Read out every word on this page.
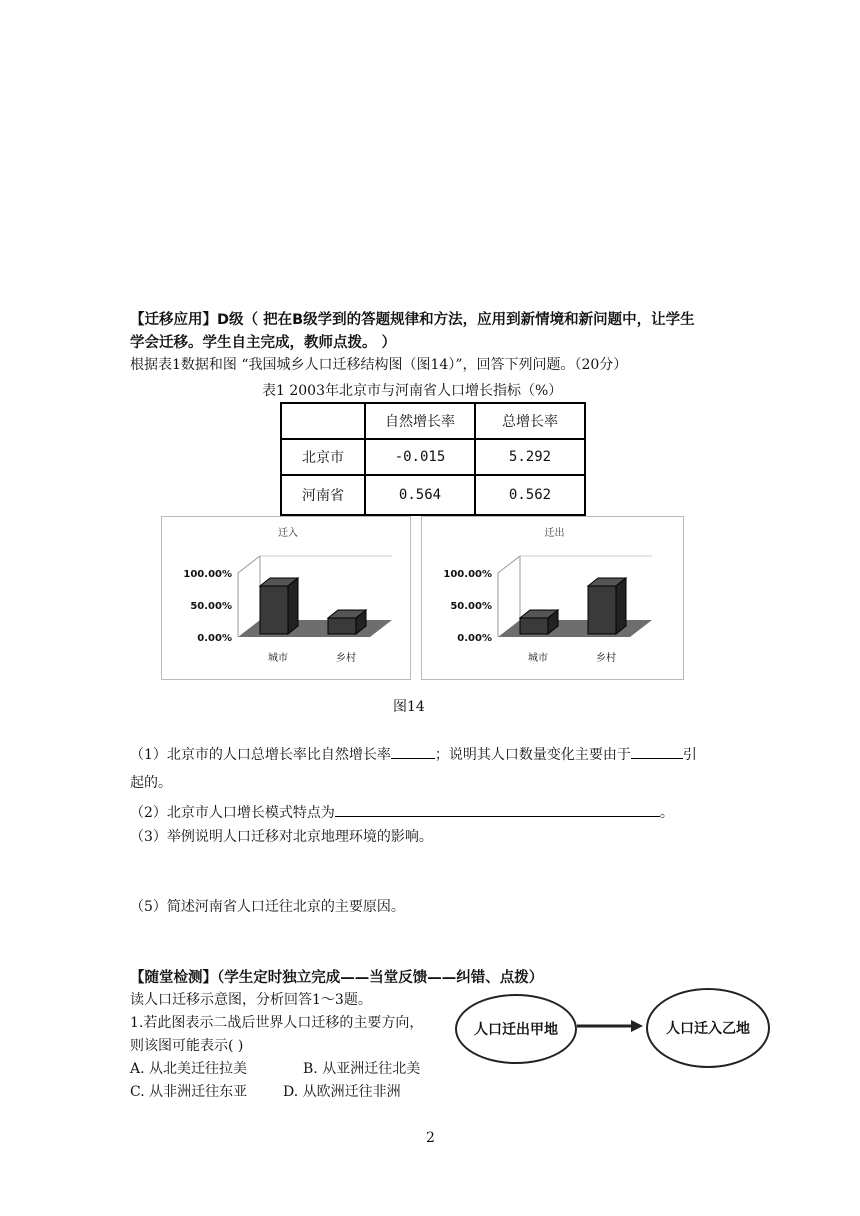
【迁移应用】D级（ 把在B级学到的答题规律和方法，应用到新情境和新问题中，让学生
学会迁移。学生自主完成，教师点拨。 ）
根据表1数据和图 “我国城乡人口迁移结构图（图14）”，回答下列问题。（20分）
表1 2003年北京市与河南省人口增长指标（%）
	自然增长率	总增长率
北京市	-0.015	5.292
河南省	0.564	0.562
迁入
100.00%
50.00%
0.00%
城市	乡村
迁出
100.00%
50.00%
0.00%
城市	乡村
图14
（1）北京市的人口总增长率比自然增长率	；说明其人口数量变化主要由于	引
起的。
（2）北京市人口增长模式特点为	。
（3）举例说明人口迁移对北京地理环境的影响。
（5）简述河南省人口迁往北京的主要原因。
【随堂检测】（学生定时独立完成——当堂反馈——纠错、点拨）
读人口迁移示意图，分析回答1～3题。
1.若此图表示二战后世界人口迁移的主要方向，
则该图可能表示( )
A. 从北美迁往拉美	B. 从亚洲迁往北美
C. 从非洲迁往东亚	D. 从欧洲迁往非洲
人口迁出甲地	人口迁入乙地
2
